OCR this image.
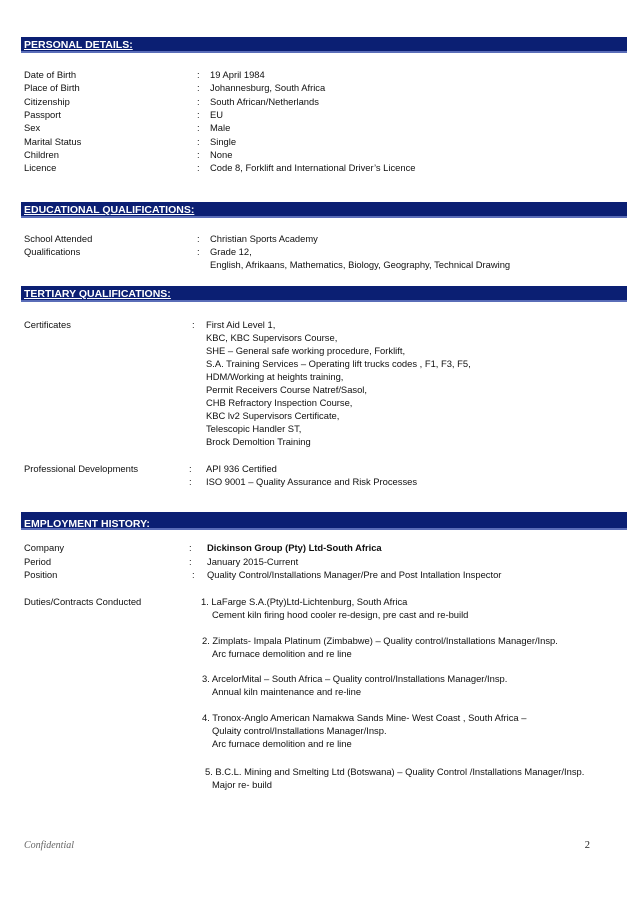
PERSONAL DETAILS:
Date of Birth	: 19 April 1984
Place of Birth	: Johannesburg, South Africa
Citizenship	: South African/Netherlands
Passport	: EU
Sex	: Male
Marital Status	: Single
Children	: None
Licence	: Code 8, Forklift and International Driver’s Licence
EDUCATIONAL QUALIFICATIONS:
School Attended	: Christian Sports Academy
Qualifications	: Grade 12,
English, Afrikaans, Mathematics, Biology, Geography, Technical Drawing
TERTIARY QUALIFICATIONS:
Certificates	: First Aid Level 1,
KBC, KBC Supervisors Course,
SHE – General safe working procedure, Forklift,
S.A. Training Services – Operating lift trucks codes , F1, F3, F5,
HDM/Working at heights training,
Permit Receivers Course Natref/Sasol,
CHB Refractory Inspection Course,
KBC lv2 Supervisors Certificate,
Telescopic Handler ST,
Brock Demoltion Training
Professional Developments	: API 936 Certified
: ISO 9001 – Quality Assurance and Risk Processes
EMPLOYMENT HISTORY:
Company	: Dickinson Group (Pty) Ltd-South Africa
Period	: January 2015-Current
Position	: Quality Control/Installations Manager/Pre and Post Intallation Inspector
Duties/Contracts Conducted	1. LaFarge S.A.(Pty)Ltd-Lichtenburg, South Africa
Cement kiln firing hood cooler re-design, pre cast and re-build
2. Zimplats- Impala Platinum (Zimbabwe) – Quality control/Installations Manager/Insp.
Arc furnace demolition and re line
3. ArcelorMital – South Africa – Quality control/Installations Manager/Insp.
Annual kiln maintenance and re-line
4. Tronox-Anglo American Namakwa Sands Mine- West Coast , South Africa –
Qulaity control/Installations Manager/Insp.
Arc furnace demolition and re line
5. B.C.L. Mining and Smelting Ltd (Botswana) – Quality Control /Installations Manager/Insp.
Major re- build
Confidential	2
